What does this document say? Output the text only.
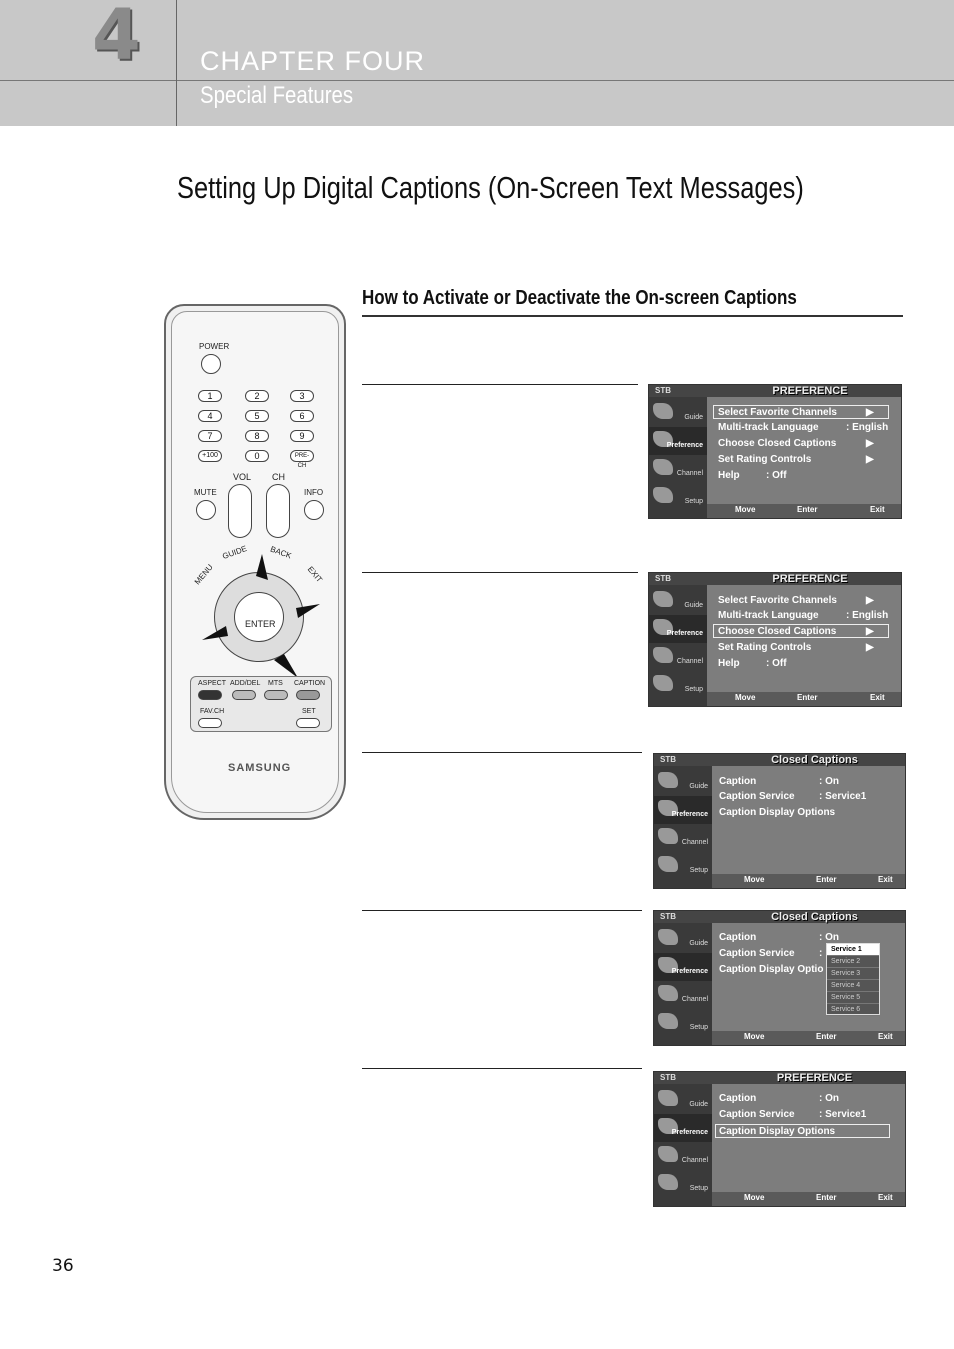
4 CHAPTER FOUR
Special Features
Setting Up Digital Captions (On-Screen Text Messages)
How to Activate or Deactivate the On-screen Captions
POWER
1	2	3
4	5	6
7	8	9
+100	0	PRE-CH
VOL CH
MUTE	INFO
GUIDE	BACK
MENU	EXIT
ENTER
ASPECT ADD/DEL MTS CAPTION
FAV.CH	SET
SAMSUNG
STB	PREFERENCE
Guide
Preference
Channel
Setup
Select Favorite Channels	▶
Multi-track Language	: English
Choose Closed Captions	▶
Set Rating Controls	▶
Help	: Off
Move	Enter	Exit
STB	PREFERENCE
Guide
Preference
Channel
Setup
Select Favorite Channels	▶
Multi-track Language	: English
Choose Closed Captions	▶
Set Rating Controls	▶
Help	: Off
Move	Enter	Exit
STB	Closed Captions
Guide
Preference
Channel
Setup
Caption	: On
Caption Service : Service1
Caption Display Options
Move	Enter	Exit
STB	Closed Captions
Guide
Preference
Channel
Setup
Caption	: On
Caption Service :
Caption Display Optio
Service 1
Service 2
Service 3
Service 4
Service 5
Service 6
Move	Enter	Exit
STB	PREFERENCE
Guide
Preference
Channel
Setup
Caption	: On
Caption Service : Service1
Caption Display Options
Move	Enter	Exit
36
